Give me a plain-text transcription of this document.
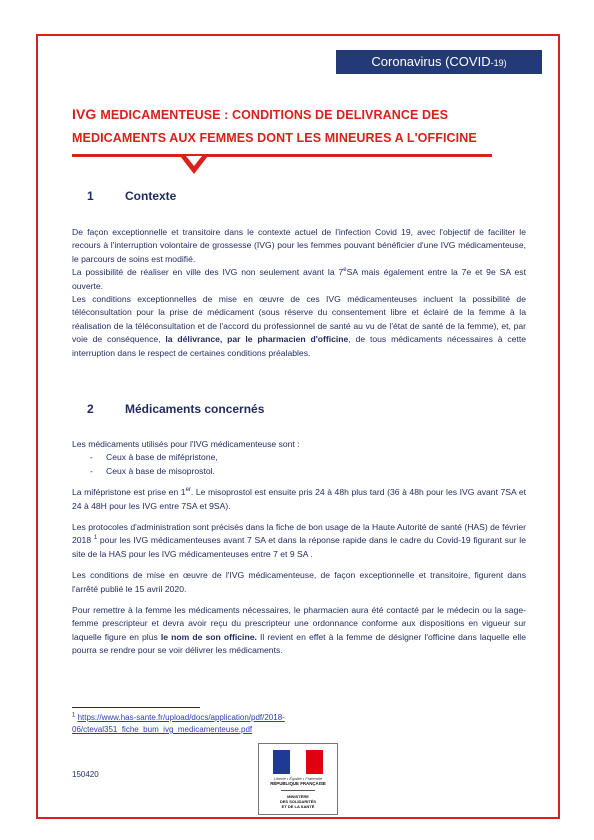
Coronavirus (COVID-19)
IVG MEDICAMENTEUSE : CONDITIONS DE DELIVRANCE DES
MEDICAMENTS AUX FEMMES DONT LES MINEURES A L'OFFICINE
1	Contexte

De façon exceptionnelle et transitoire dans le contexte actuel de l'infection Covid 19, avec l'objectif de faciliter le recours à l'interruption volontaire de grossesse (IVG) pour les femmes pouvant bénéficier d'une IVG médicamenteuse, le parcours de soins est modifié.

La possibilité de réaliser en ville des IVG non seulement avant la 7eSA mais également entre la 7e et 9e SA est ouverte.

Les conditions exceptionnelles de mise en œuvre de ces IVG médicamenteuses incluent la possibilité de téléconsultation pour la prise de médicament (sous réserve du consentement libre et éclairé de la femme à la réalisation de la téléconsultation et de l'accord du professionnel de santé au vu de l'état de santé de la femme), et, par voie de conséquence, la délivrance, par le pharmacien d'officine, de tous médicaments nécessaires à cette interruption dans le respect de certaines conditions préalables.

2	Médicaments concernés

Les médicaments utilisés pour l'IVG médicamenteuse sont :

- Ceux à base de mifépristone,
- Ceux à base de misoprostol.

La mifépristone est prise en 1er. Le misoprostol est ensuite pris 24 à 48h plus tard (36 à 48h pour les IVG avant 7SA et 24 à 48H pour les IVG entre 7SA et 9SA).

Les protocoles d'administration sont précisés dans la fiche de bon usage de la Haute Autorité de santé (HAS) de février 2018 $^1$ pour les IVG médicamenteuses avant 7 SA et dans la réponse rapide dans le cadre du Covid-19 figurant sur le site de la HAS pour les IVG médicamenteuses entre 7 et 9 SA .

Les conditions de mise en œuvre de l'IVG médicamenteuse, de façon exceptionnelle et transitoire, figurent dans l'arrêté publié le 15 avril 2020.

Pour remettre à la femme les médicaments nécessaires, le pharmacien aura été contacté par le médecin ou la sage-femme prescripteur et devra avoir reçu du prescripteur une ordonnance conforme aux dispositions en vigueur sur laquelle figure en plus le nom de son officine. Il revient en effet à la femme de désigner l'officine dans laquelle elle pourra se rendre pour se voir délivrer les médicaments.

$^1$ https://www.has-sante.fr/upload/docs/application/pdf/2018-06/cteval351_fiche_bum_ivg_medicamenteuse.pdf
150420	Liberté • Égalité • Fraternité
RÉPUBLIQUE FRANÇAISE
MINISTÈRE
DES SOLIDARITÉS
ET DE LA SANTÉ
